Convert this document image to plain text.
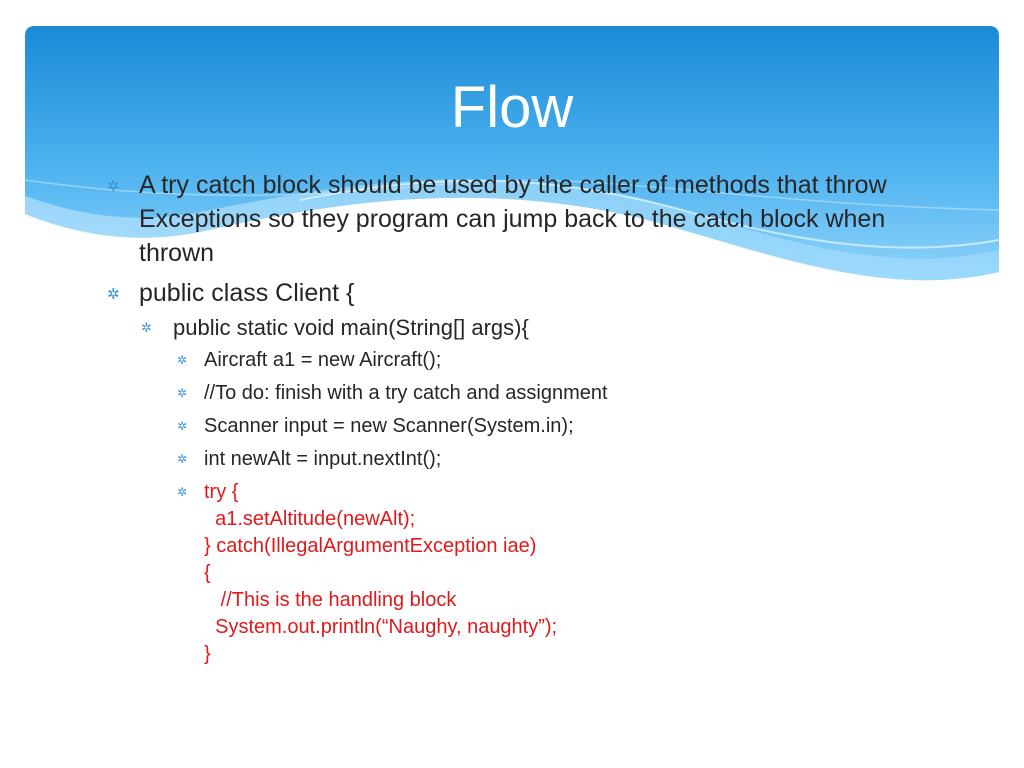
Flow
✲ A try catch block should be used by the caller of methods that throw Exceptions so they program can jump back to the catch block when thrown
✲ public class Client {
✲ public static void main(String[] args){
✲ Aircraft a1 = new Aircraft();
✲ //To do: finish with a try catch and assignment
✲ Scanner input = new Scanner(System.in);
✲ int newAlt = input.nextInt();
✲ try {
a1.setAltitude(newAlt);
} catch(IllegalArgumentException iae)
{
//This is the handling block
System.out.println(“Naughy, naughty”);
}
